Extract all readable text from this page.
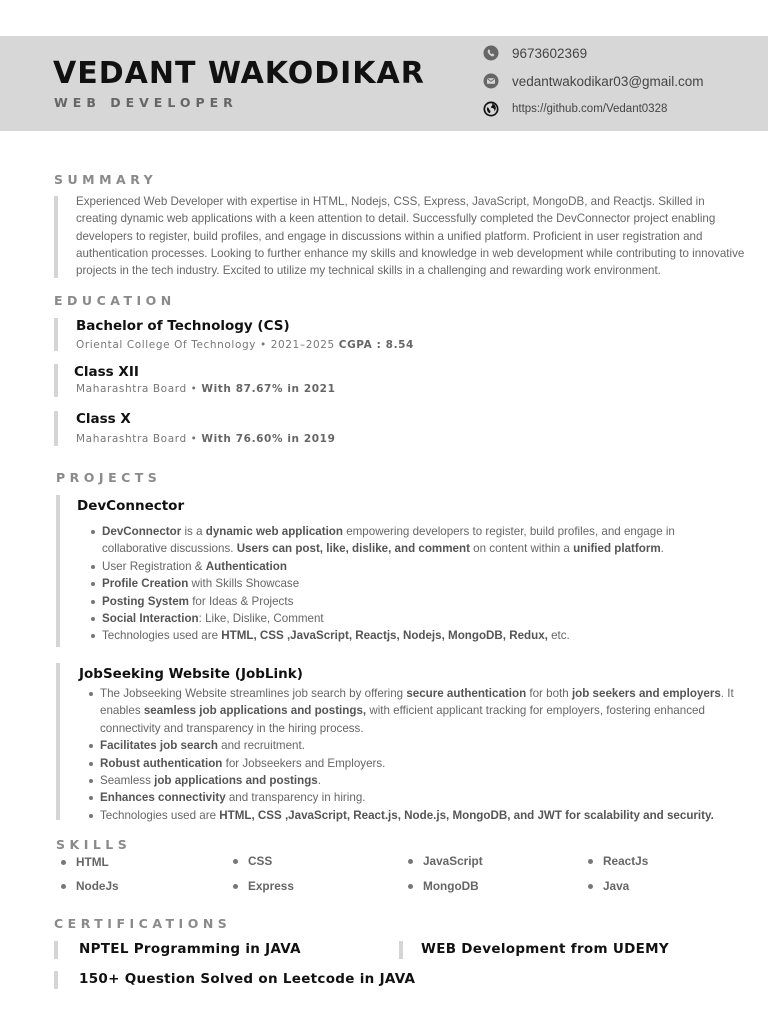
VEDANT WAKODIKAR
WEB DEVELOPER
9673602369
vedantwakodikar03@gmail.com
https://github.com/Vedant0328
SUMMARY
Experienced Web Developer with expertise in HTML, Nodejs, CSS, Express, JavaScript, MongoDB, and Reactjs. Skilled in creating dynamic web applications with a keen attention to detail. Successfully completed the DevConnector project enabling developers to register, build profiles, and engage in discussions within a unified platform. Proficient in user registration and authentication processes. Looking to further enhance my skills and knowledge in web development while contributing to innovative projects in the tech industry. Excited to utilize my technical skills in a challenging and rewarding work environment.
EDUCATION
Bachelor of Technology (CS)
Oriental College Of Technology • 2021–2025 CGPA : 8.54
Class XII
Maharashtra Board • With 87.67% in 2021
Class X
Maharashtra Board • With 76.60% in 2019
PROJECTS
DevConnector
DevConnector is a dynamic web application empowering developers to register, build profiles, and engage in collaborative discussions. Users can post, like, dislike, and comment on content within a unified platform.
User Registration & Authentication
Profile Creation with Skills Showcase
Posting System for Ideas & Projects
Social Interaction: Like, Dislike, Comment
Technologies used are HTML, CSS ,JavaScript, Reactjs, Nodejs, MongoDB, Redux, etc.
JobSeeking Website (JobLink)
The Jobseeking Website streamlines job search by offering secure authentication for both job seekers and employers. It enables seamless job applications and postings, with efficient applicant tracking for employers, fostering enhanced connectivity and transparency in the hiring process.
Facilitates job search and recruitment.
Robust authentication for Jobseekers and Employers.
Seamless job applications and postings.
Enhances connectivity and transparency in hiring.
Technologies used are HTML, CSS ,JavaScript, React.js, Node.js, MongoDB, and JWT for scalability and security.
SKILLS
HTML	CSS	JavaScript	ReactJs
NodeJs	Express	MongoDB	Java
CERTIFICATIONS
NPTEL Programming in JAVA	WEB Development from UDEMY
150+ Question Solved on Leetcode in JAVA
